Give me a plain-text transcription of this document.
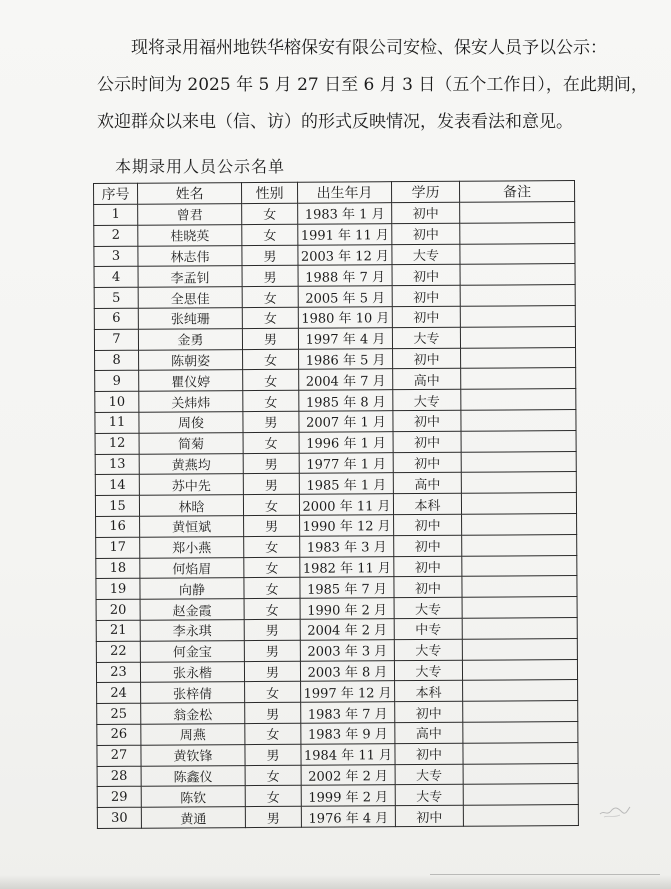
现将录用福州地铁华榕保安有限公司安检、保安人员予以公示：
公示时间为 2025 年 5 月 27 日至 6 月 3 日（五个工作日），在此期间，
欢迎群众以来电（信、访）的形式反映情况，发表看法和意见。

本期录用人员公示名单
序号	姓名	性别	出生年月	学历	备注
1	曾君	女	1983 年 1 月	初中	
2	桂晓英	女	1991 年 11 月	初中	
3	林志伟	男	2003 年 12 月	大专	
4	李孟钊	男	1988 年 7 月	初中	
5	全思佳	女	2005 年 5 月	初中	
6	张纯珊	女	1980 年 10 月	初中	
7	金勇	男	1997 年 4 月	大专	
8	陈朝姿	女	1986 年 5 月	初中	
9	瞿仪婷	女	2004 年 7 月	高中	
10	关炜炜	女	1985 年 8 月	大专	
11	周俊	男	2007 年 1 月	初中	
12	简菊	女	1996 年 1 月	初中	
13	黄燕均	男	1977 年 1 月	初中	
14	苏中先	男	1985 年 1 月	高中	
15	林晗	女	2000 年 11 月	本科	
16	黄恒斌	男	1990 年 12 月	初中	
17	郑小燕	女	1983 年 3 月	初中	
18	何焰眉	女	1982 年 11 月	初中	
19	向静	女	1985 年 7 月	初中	
20	赵金霞	女	1990 年 2 月	大专	
21	李永琪	男	2004 年 2 月	中专	
22	何金宝	男	2003 年 3 月	大专	
23	张永楷	男	2003 年 8 月	大专	
24	张梓倩	女	1997 年 12 月	本科	
25	翁金松	男	1983 年 7 月	初中	
26	周燕	女	1983 年 9 月	高中	
27	黄钦锋	男	1984 年 11 月	初中	
28	陈鑫仪	女	2002 年 2 月	大专	
29	陈钦	女	1999 年 2 月	大专	
30	黄通	男	1976 年 4 月	初中	
